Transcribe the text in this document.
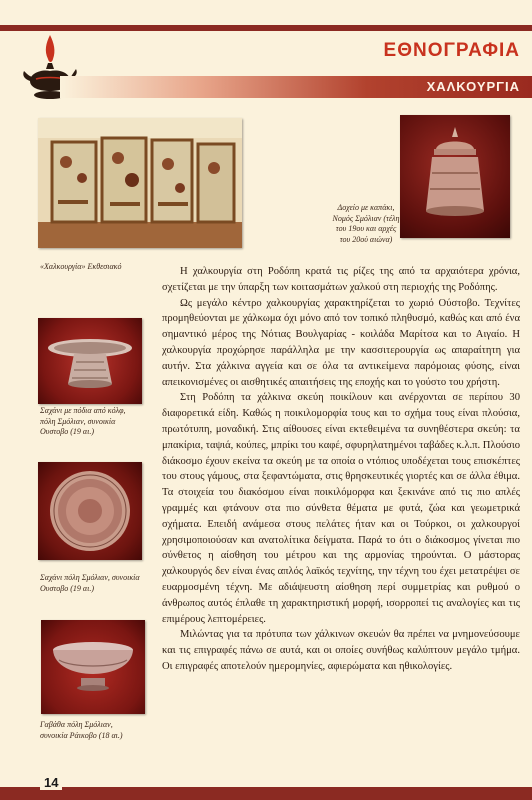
ΕΘΝΟΓΡΑΦΙΑ
ΧΑΛΚΟΥΡΓΙΑ
«Χαλκουργία» Εκθεσιακό
Δοχείο με καπάκι, Νομός Σμόλιαν (τέλη του 19ου και αρχές του 20ού αιώνα)
Σαχάνι με πόδια από κόλφ, πόλη Σμόλιαν, συνοικία Ουστοβο (19 αι.)
Σαχάνι πόλη Σμόλιαν, συνοικία Ουστοβο (19 αι.)
Γαβάθα πόλη Σμόλιαν, συνοικία Ράικοβο (18 αι.)

Η χαλκουργία στη Ροδόπη κρατά τις ρίζες της από τα αρχαιότερα χρόνια, σχετίζεται με την ύπαρξη των κοιτασμάτων χαλκού στη περιοχής της Ροδόπης.

Ως μεγάλο κέντρο χαλκουργίας χαρακτηρίζεται το χωριό Ούστοβο. Τεχνίτες προμηθεύονται με χάλκωμα όχι μόνο από τον τοπικό πληθυσμό, καθώς και από ένα σημαντικό μέρος της Νότιας Βουλγαρίας - κοιλάδα Μαρίτσα και το Αιγαίο. Η χαλκουργία προχώρησε παράλληλα με την κασσιτερουργία ως απαραίτητη για αυτήν. Στα χάλκινα αγγεία και σε όλα τα αντικείμενα παρόμοιας φύσης, είναι απεικονισμένες οι αισθητικές απαιτήσεις της εποχής και το γούστο του χρήστη.

Στη Ροδόπη τα χάλκινα σκεύη ποικίλουν και ανέρχονται σε περίπου 30 διαφορετικά είδη. Καθώς η ποικιλομορφία τους και το σχήμα τους είναι πλούσια, πρωτότυπη, μοναδική. Στις αίθουσες είναι εκτεθειμένα τα συνηθέστερα σκεύη: τα μπακίρια, ταψιά, κούπες, μπρίκι του καφέ, σφυρηλατημένοι ταβάδες κ.λ.π. Πλούσιο διάκοσμο έχουν εκείνα τα σκεύη με τα οποία ο ντόπιος υποδέχεται τους επισκέπτες του στους γάμους, στα ξεφαντώματα, στις θρησκευτικές γιορτές και σε άλλα έθιμα. Τα στοιχεία του διακόσμου είναι ποικιλόμορφα και ξεκινάνε από τις πιο απλές γραμμές και φτάνουν στα πιο σύνθετα θέματα με φυτά, ζώα και γεωμετρικά σχήματα. Επειδή ανάμεσα στους πελάτες ήταν και οι Τούρκοι, οι χαλκουργοί χρησιμοποιούσαν και ανατολίτικα δείγματα. Παρά το ότι ο διάκοσμος γίνεται πιο σύνθετος η αίσθηση του μέτρου και της αρμονίας τηρούνται. Ο μάστορας χαλκουργός δεν είναι ένας απλός λαϊκός τεχνίτης, την τέχνη του έχει μετατρέψει σε ευαρμοσμένη τέχνη. Με αδιάψευστη αίσθηση περί συμμετρίας και ρυθμού ο άνθρωπος αυτός έπλαθε τη χαρακτηριστική μορφή, ισορροπεί τις αναλογίες και τις επιμέρους λεπτομέρειες.

Μιλώντας για τα πρότυπα των χάλκινων σκευών θα πρέπει να μνημονεύσουμε και τις επιγραφές πάνω σε αυτά, και οι οποίες συνήθως καλύπτουν μεγάλο τμήμα. Οι επιγραφές αποτελούν ημερομηνίες, αφιερώματα και ηθικολογίες.

14
